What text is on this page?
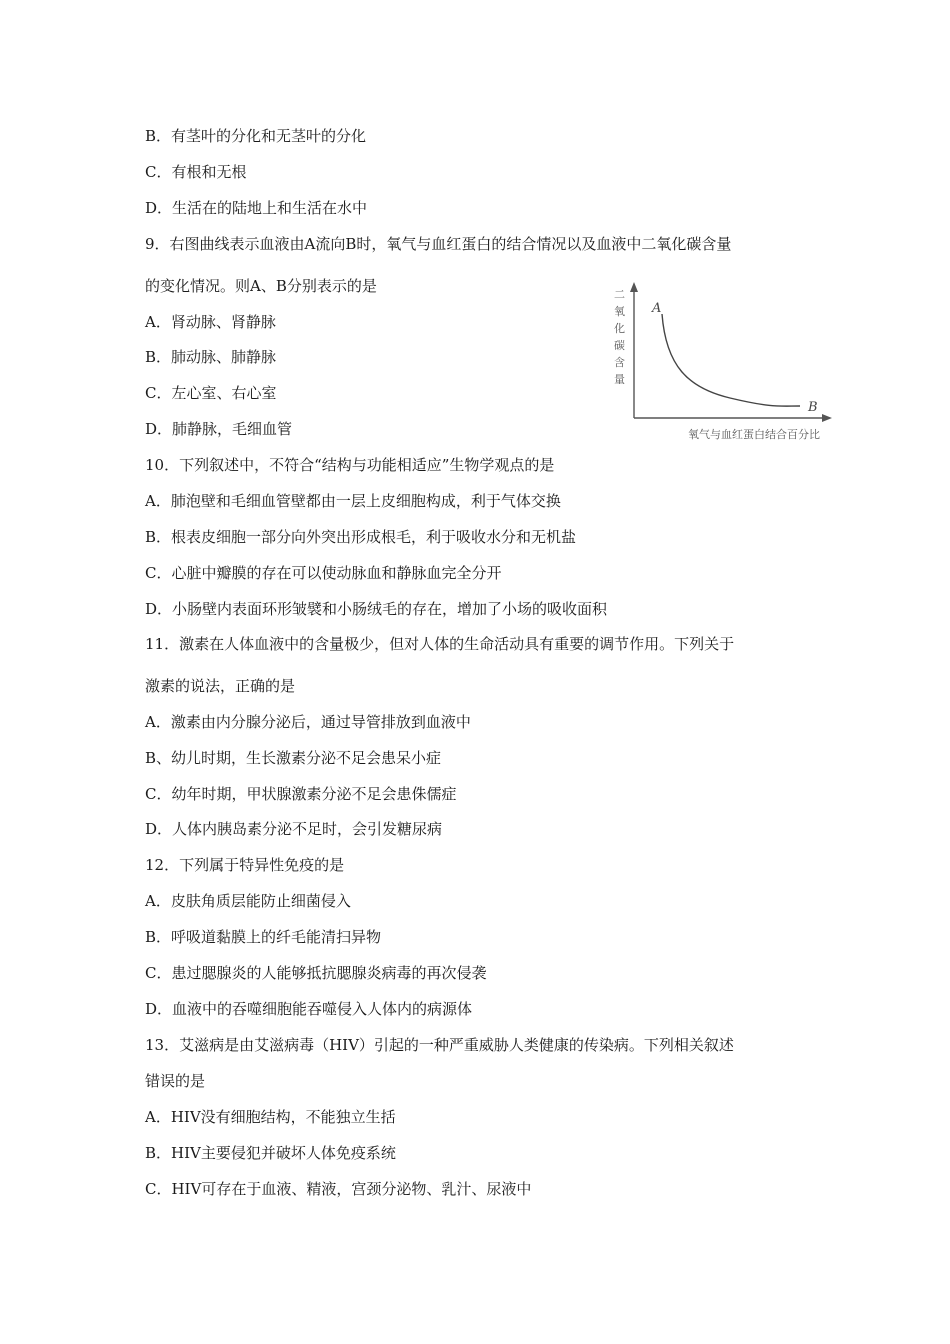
B．有茎叶的分化和无茎叶的分化
C．有根和无根
D．生活在的陆地上和生活在水中
9．右图曲线表示血液由A流向B时，氧气与血红蛋白的结合情况以及血液中二氧化碳含量
的变化情况。则A、B分别表示的是
A．肾动脉、肾静脉
B．肺动脉、肺静脉
C．左心室、右心室
D．肺静脉，毛细血管
A
B
氧气与血红蛋白结合百分比
二氧化碳含量
10．下列叙述中，不符合“结构与功能相适应”生物学观点的是
A．肺泡壁和毛细血管壁都由一层上皮细胞构成，利于气体交换
B．根表皮细胞一部分向外突出形成根毛，利于吸收水分和无机盐
C．心脏中瓣膜的存在可以使动脉血和静脉血完全分开
D．小肠壁内表面环形皱襞和小肠绒毛的存在，增加了小场的吸收面积
11．激素在人体血液中的含量极少，但对人体的生命活动具有重要的调节作用。下列关于
激素的说法，正确的是
A．激素由内分腺分泌后，通过导管排放到血液中
B、幼儿时期，生长激素分泌不足会患呆小症
C．幼年时期，甲状腺激素分泌不足会患侏儒症
D．人体内胰岛素分泌不足时，会引发糖尿病
12．下列属于特异性免疫的是
A．皮肤角质层能防止细菌侵入
B．呼吸道黏膜上的纤毛能清扫异物
C．患过腮腺炎的人能够抵抗腮腺炎病毒的再次侵袭
D．血液中的吞噬细胞能吞噬侵入人体内的病源体
13．艾滋病是由艾滋病毒（HIV）引起的一种严重威胁人类健康的传染病。下列相关叙述
错误的是
A．HIV没有细胞结构，不能独立生括
B．HIV主要侵犯并破坏人体免疫系统
C．HIV可存在于血液、精液，宫颈分泌物、乳汁、尿液中
